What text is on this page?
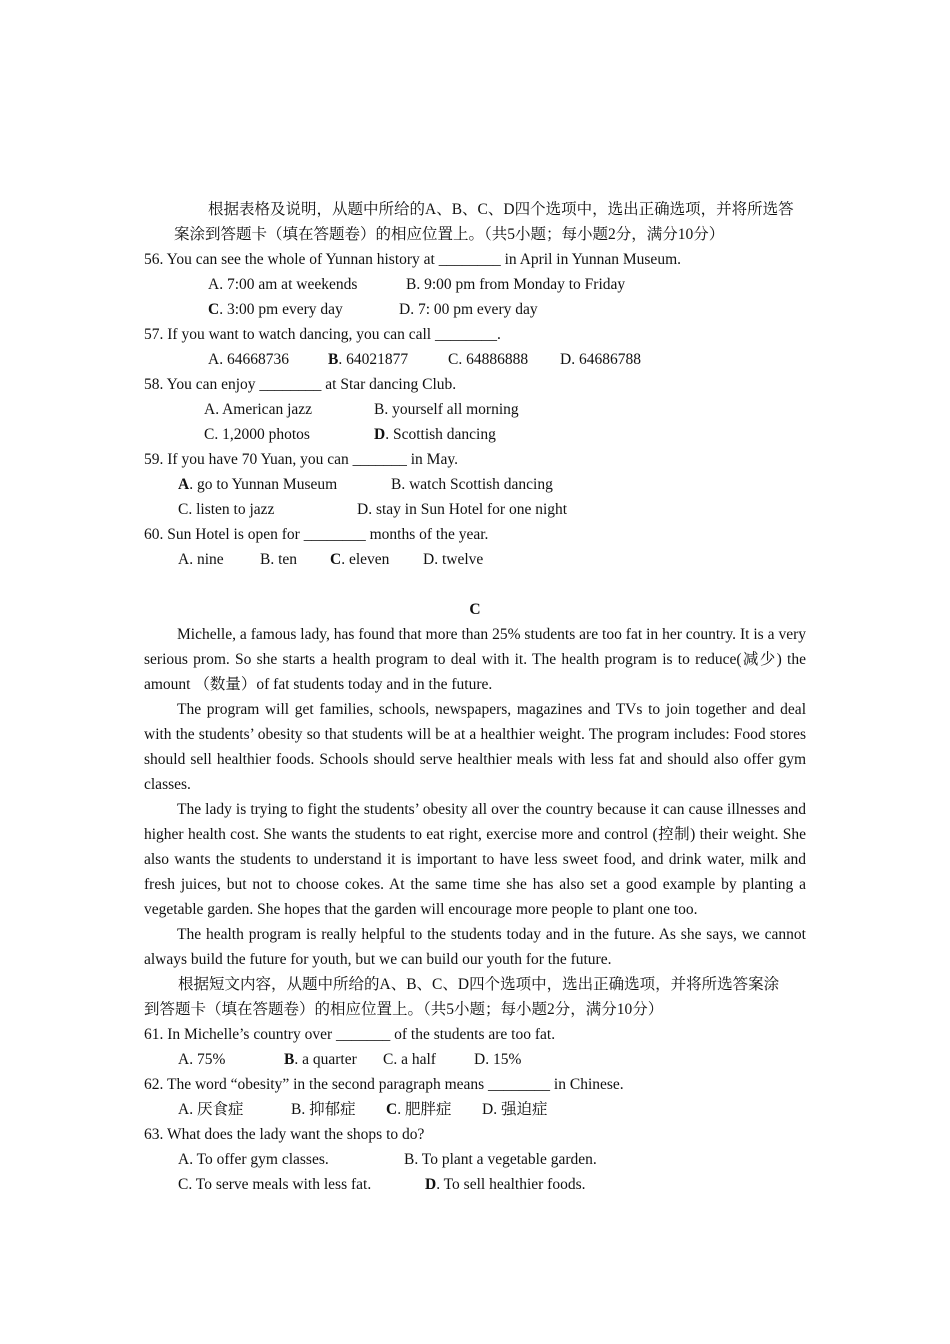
根据表格及说明，从题中所给的A、B、C、D四个选项中，选出正确选项，并将所选答
案涂到答题卡（填在答题卷）的相应位置上。（共5小题；每小题2分，满分10分）
56. You can see the whole of Yunnan history at ________ in April in Yunnan Museum.
A. 7:00 am at weekends	B. 9:00 pm from Monday to Friday
C. 3:00 pm every day	D. 7: 00 pm every day
57. If you want to watch dancing, you can call ________.
A. 64668736	B. 64021877	C. 64886888 D. 64686788
58. You can enjoy ________ at Star dancing Club.
A. American jazz	B. yourself all morning
C. 1,2000 photos	D. Scottish dancing
59. If you have 70 Yuan, you can _______ in May.
A. go to Yunnan Museum	B. watch Scottish dancing
C. listen to jazz	D. stay in Sun Hotel for one night
60. Sun Hotel is open for ________ months of the year.
A. nine B. ten C. eleven D. twelve
C
Michelle, a famous lady, has found that more than 25% students are too fat in her country. It is a very serious prom. So she starts a health program to deal with it. The health program is to reduce(减少) the amount （数量）of fat students today and in the future.
The program will get families, schools, newspapers, magazines and TVs to join together and deal with the students’ obesity so that students will be at a healthier weight. The program includes: Food stores should sell healthier foods. Schools should serve healthier meals with less fat and should also offer gym classes.
The lady is trying to fight the students’ obesity all over the country because it can cause illnesses and higher health cost. She wants the students to eat right, exercise more and control (控制) their weight. She also wants the students to understand it is important to have less sweet food, and drink water, milk and fresh juices, but not to choose cokes. At the same time she has also set a good example by planting a vegetable garden. She hopes that the garden will encourage more people to plant one too.
The health program is really helpful to the students today and in the future. As she says, we cannot always build the future for youth, but we can build our youth for the future.
根据短文内容，从题中所给的A、B、C、D四个选项中，选出正确选项，并将所选答案涂
到答题卡（填在答题卷）的相应位置上。（共5小题；每小题2分，满分10分）
61. In Michelle’s country over _______ of the students are too fat.
A. 75%	B. a quarter C. a half D. 15%
62. The word “obesity” in the second paragraph means ________ in Chinese.
A. 厌食症	B. 抑郁症 C. 肥胖症 D. 强迫症
63. What does the lady want the shops to do?
A. To offer gym classes.	B. To plant a vegetable garden.
C. To serve meals with less fat.	D. To sell healthier foods.
